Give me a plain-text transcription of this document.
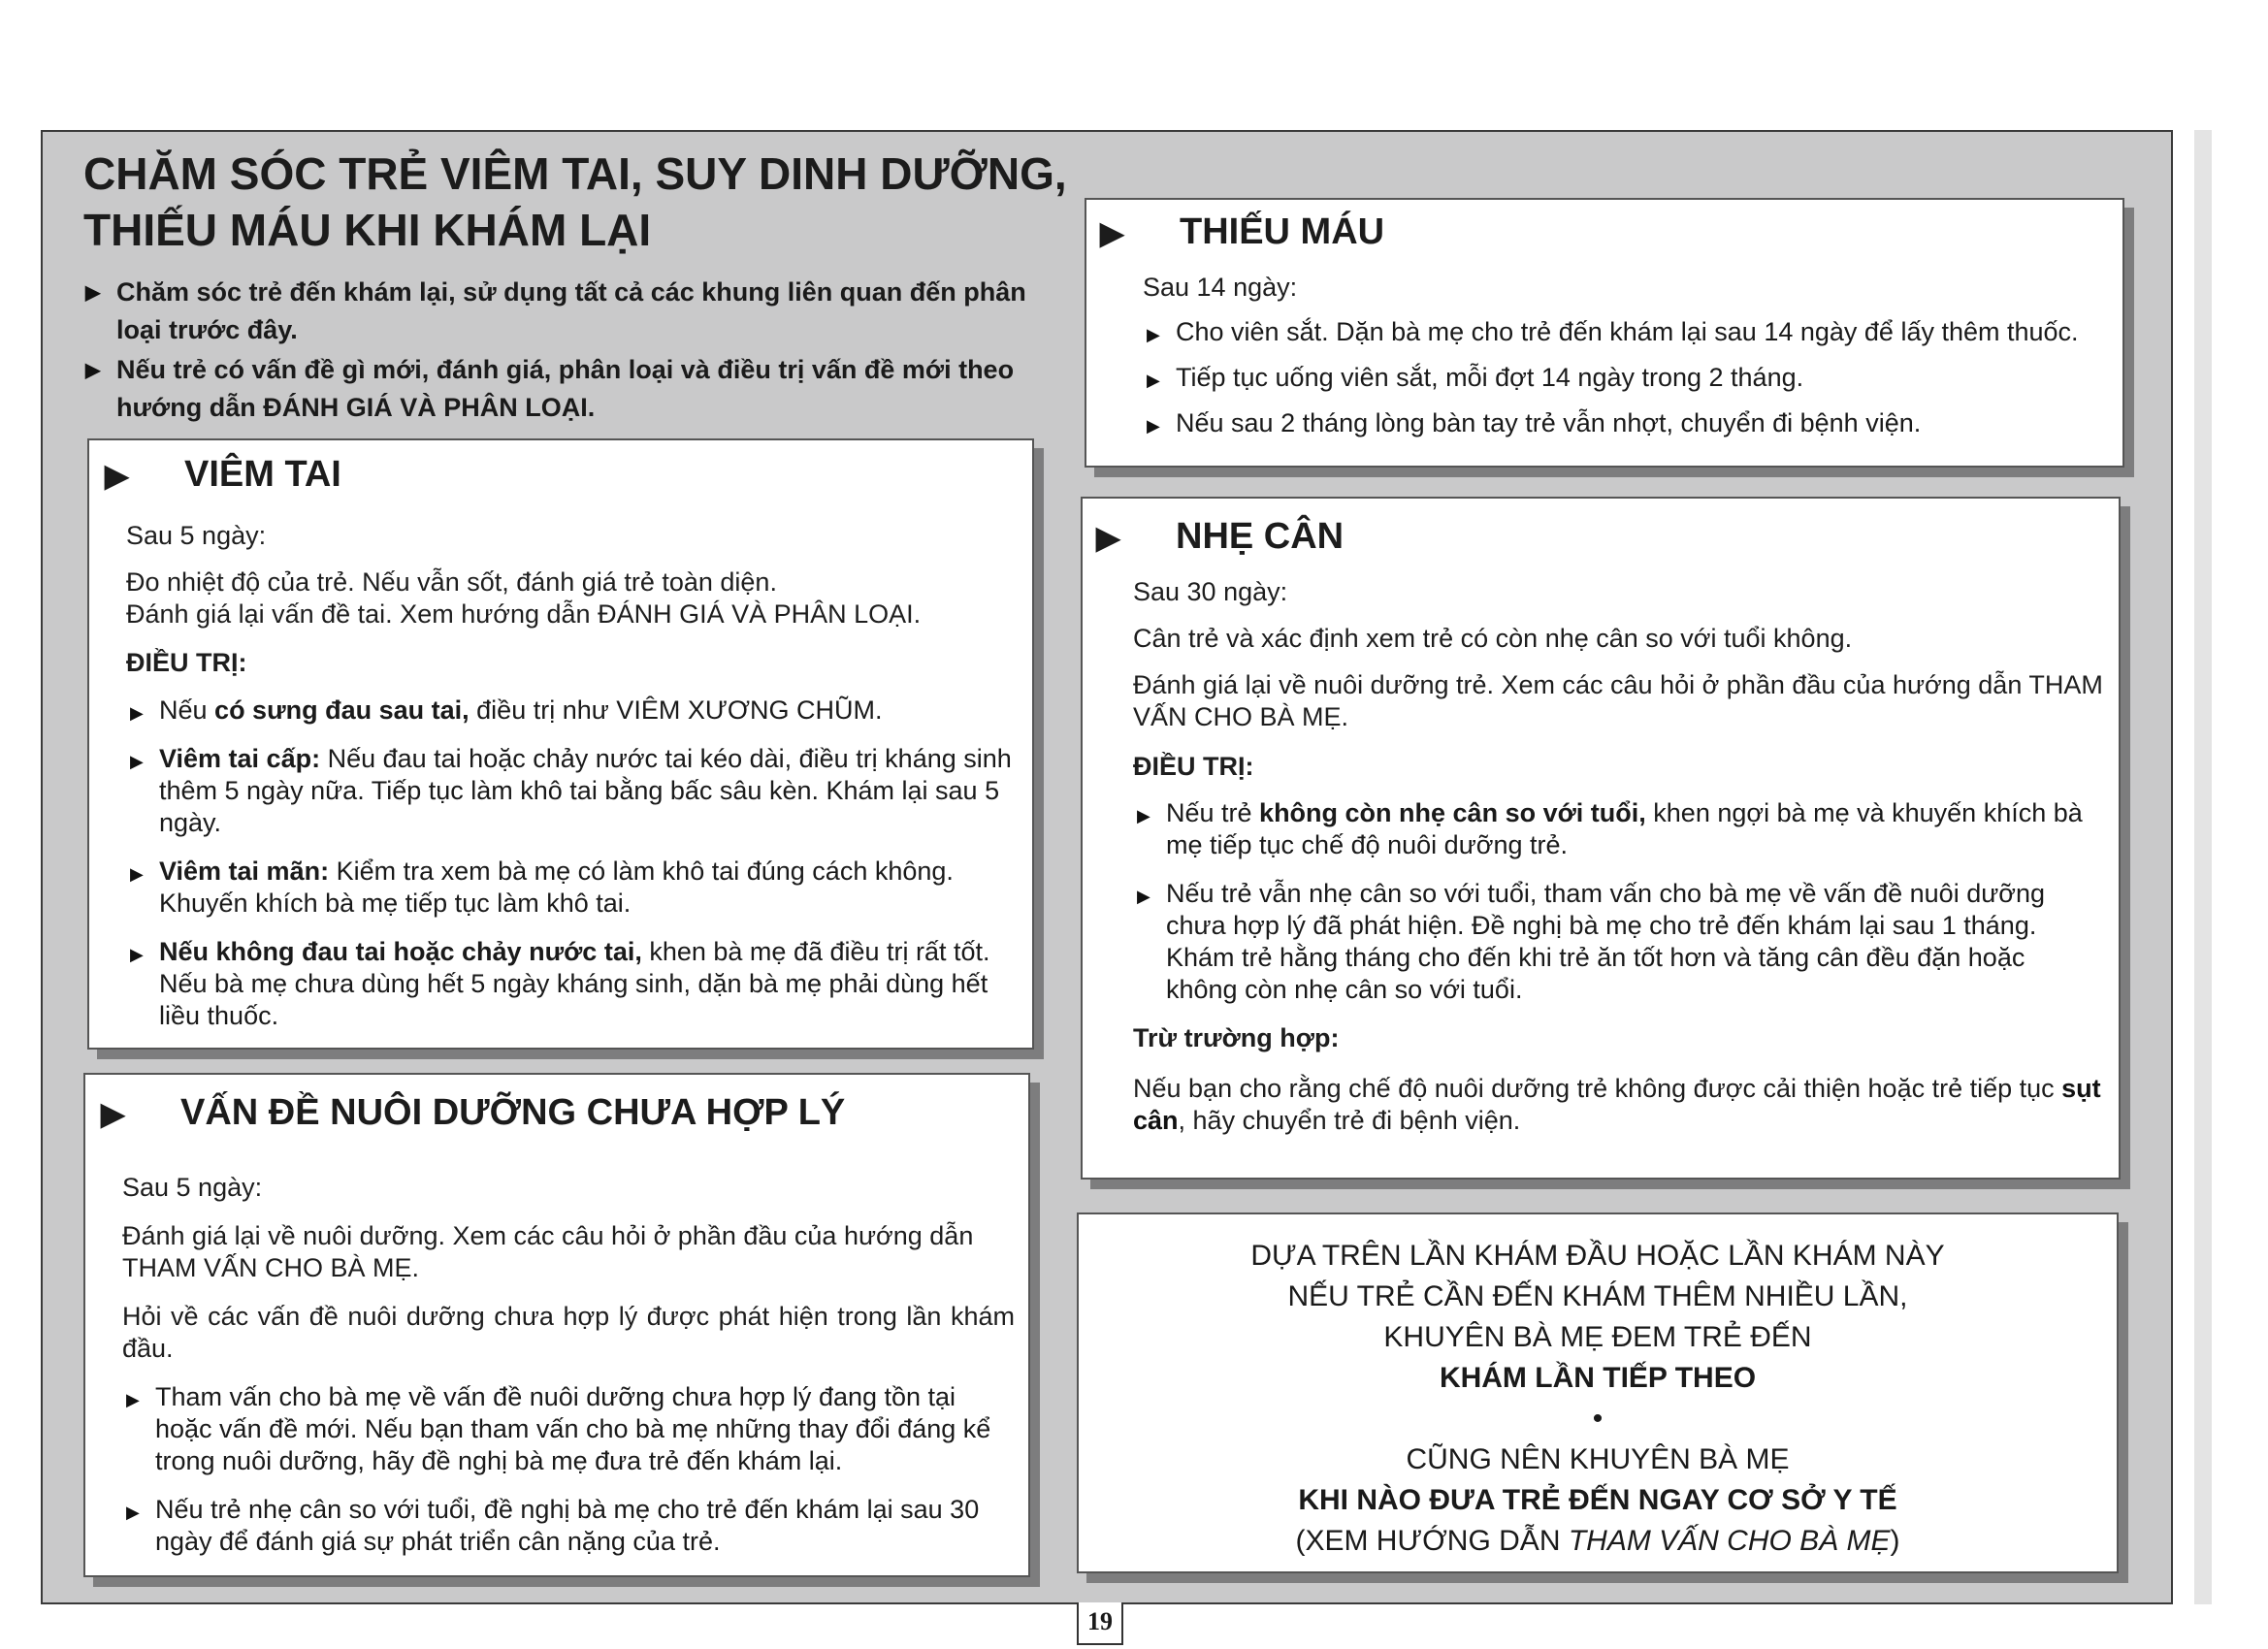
CHĂM SÓC TRẺ VIÊM TAI, SUY DINH DƯỠNG,
THIẾU MÁU KHI KHÁM LẠI
▶ Chăm sóc trẻ đến khám lại, sử dụng tất cả các khung liên quan đến phân loại trước đây.
▶ Nếu trẻ có vấn đề gì mới, đánh giá, phân loại và điều trị vấn đề mới theo hướng dẫn ĐÁNH GIÁ VÀ PHÂN LOẠI.
▶ VIÊM TAI

Sau 5 ngày:

Đo nhiệt độ của trẻ. Nếu vẫn sốt, đánh giá trẻ toàn diện.

Đánh giá lại vấn đề tai. Xem hướng dẫn ĐÁNH GIÁ VÀ PHÂN LOẠI.

ĐIỀU TRỊ:

▶ Nếu có sưng đau sau tai, điều trị như VIÊM XƯƠNG CHŨM.
▶ Viêm tai cấp: Nếu đau tai hoặc chảy nước tai kéo dài, điều trị kháng sinh thêm 5 ngày nữa. Tiếp tục làm khô tai bằng bấc sâu kèn. Khám lại sau 5 ngày.
▶ Viêm tai mãn: Kiểm tra xem bà mẹ có làm khô tai đúng cách không. Khuyến khích bà mẹ tiếp tục làm khô tai.
▶ Nếu không đau tai hoặc chảy nước tai, khen bà mẹ đã điều trị rất tốt. Nếu bà mẹ chưa dùng hết 5 ngày kháng sinh, dặn bà mẹ phải dùng hết liều thuốc.
▶ VẤN ĐỀ NUÔI DƯỠNG CHƯA HỢP LÝ

Sau 5 ngày:

Đánh giá lại về nuôi dưỡng. Xem các câu hỏi ở phần đầu của hướng dẫn THAM VẤN CHO BÀ MẸ.

Hỏi về các vấn đề nuôi dưỡng chưa hợp lý được phát hiện trong lần khám đầu.

▶ Tham vấn cho bà mẹ về vấn đề nuôi dưỡng chưa hợp lý đang tồn tại hoặc vấn đề mới. Nếu bạn tham vấn cho bà mẹ những thay đổi đáng kể trong nuôi dưỡng, hãy đề nghị bà mẹ đưa trẻ đến khám lại.
▶ Nếu trẻ nhẹ cân so với tuổi, đề nghị bà mẹ cho trẻ đến khám lại sau 30 ngày để đánh giá sự phát triển cân nặng của trẻ.
▶ THIẾU MÁU

Sau 14 ngày:

▶ Cho viên sắt. Dặn bà mẹ cho trẻ đến khám lại sau 14 ngày để lấy thêm thuốc.
▶ Tiếp tục uống viên sắt, mỗi đợt 14 ngày trong 2 tháng.
▶ Nếu sau 2 tháng lòng bàn tay trẻ vẫn nhợt, chuyển đi bệnh viện.
▶ NHẸ CÂN

Sau 30 ngày:

Cân trẻ và xác định xem trẻ có còn nhẹ cân so với tuổi không.

Đánh giá lại về nuôi dưỡng trẻ. Xem các câu hỏi ở phần đầu của hướng dẫn THAM VẤN CHO BÀ MẸ.

ĐIỀU TRỊ:

▶ Nếu trẻ không còn nhẹ cân so với tuổi, khen ngợi bà mẹ và khuyến khích bà mẹ tiếp tục chế độ nuôi dưỡng trẻ.
▶ Nếu trẻ vẫn nhẹ cân so với tuổi, tham vấn cho bà mẹ về vấn đề nuôi dưỡng chưa hợp lý đã phát hiện. Đề nghị bà mẹ cho trẻ đến khám lại sau 1 tháng. Khám trẻ hằng tháng cho đến khi trẻ ăn tốt hơn và tăng cân đều đặn hoặc không còn nhẹ cân so với tuổi.

Trừ trường hợp:

Nếu bạn cho rằng chế độ nuôi dưỡng trẻ không được cải thiện hoặc trẻ tiếp tục sụt cân, hãy chuyển trẻ đi bệnh viện.

DỰA TRÊN LẦN KHÁM ĐẦU HOẶC LẦN KHÁM NÀY
NẾU TRẺ CẦN ĐẾN KHÁM THÊM NHIỀU LẦN,
KHUYÊN BÀ MẸ ĐEM TRẺ ĐẾN
KHÁM LẦN TIẾP THEO
•
CŨNG NÊN KHUYÊN BÀ MẸ
KHI NÀO ĐƯA TRẺ ĐẾN NGAY CƠ SỞ Y TẾ
(XEM HƯỚNG DẪN THAM VẤN CHO BÀ MẸ)
19
